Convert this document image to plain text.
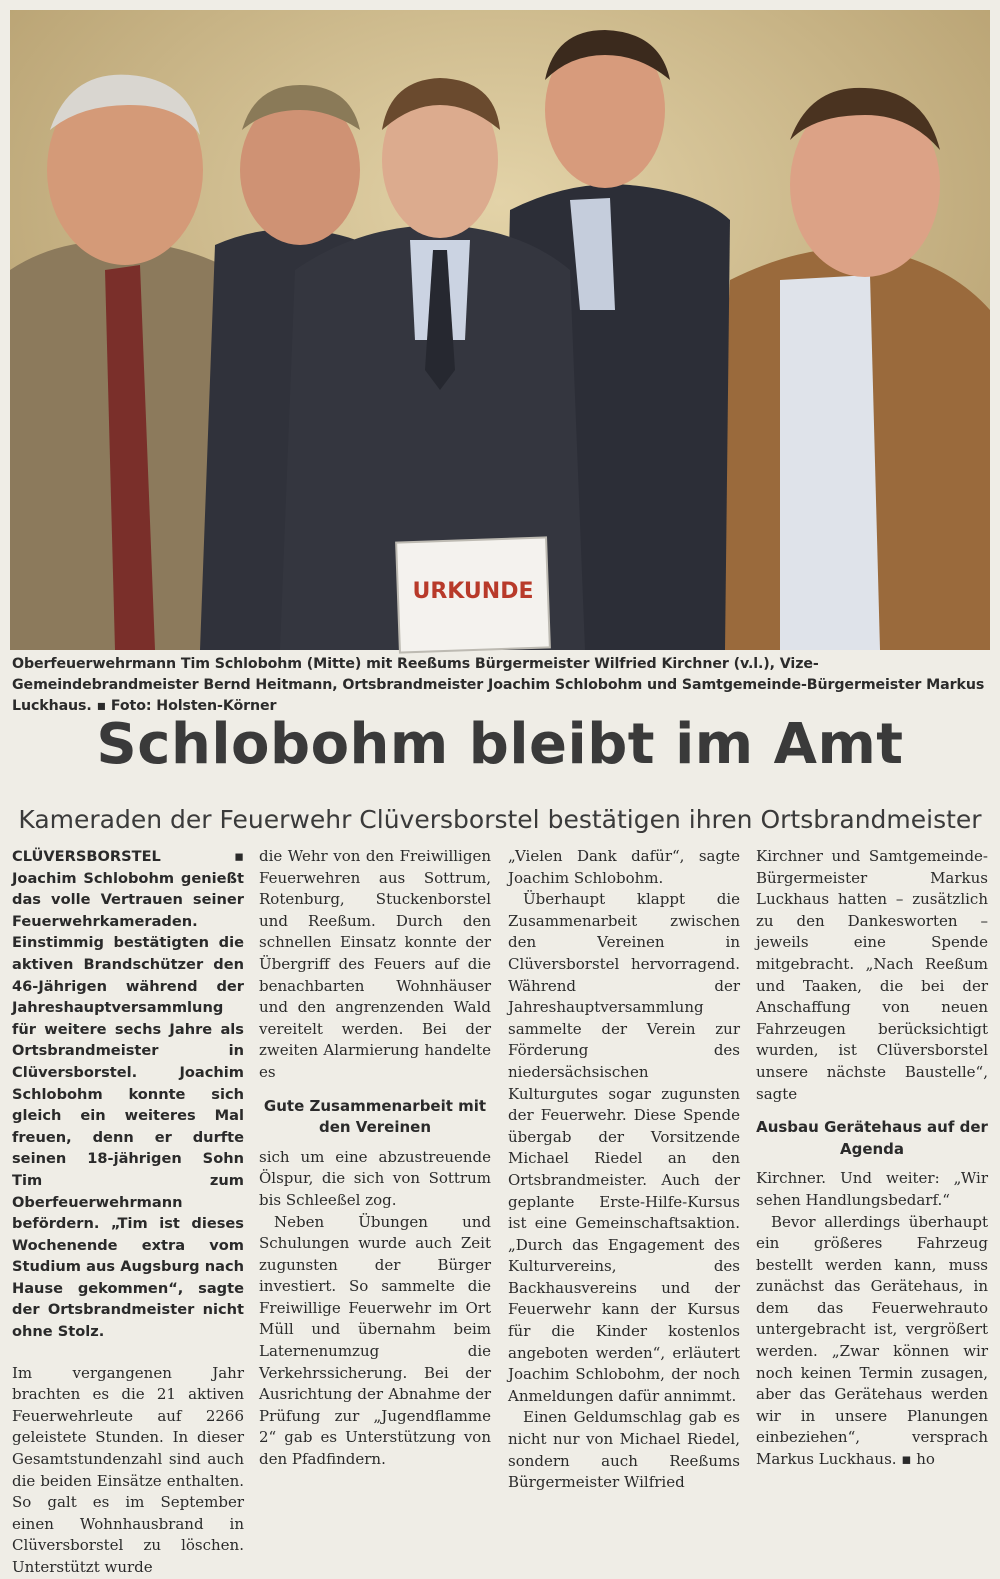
URKUNDE
Oberfeuerwehrmann Tim Schlobohm (Mitte) mit Reeßums Bürgermeister Wilfried Kirchner (v.l.), Vize-Gemeindebrandmeister Bernd Heitmann, Ortsbrandmeister Joachim Schlobohm und Samtgemeinde-Bürgermeister Markus Luckhaus. ▪ Foto: Holsten-Körner
Schlobohm bleibt im Amt
Kameraden der Feuerwehr Clüversborstel bestätigen ihren Ortsbrandmeister

CLÜVERSBORSTEL ▪ Joachim Schlobohm genießt das volle Vertrauen seiner Feuerwehrkameraden. Einstimmig bestätigten die aktiven Brandschützer den 46-Jährigen während der Jahreshauptversammlung für weitere sechs Jahre als Ortsbrandmeister in Clüversborstel. Joachim Schlobohm konnte sich gleich ein weiteres Mal freuen, denn er durfte seinen 18-jährigen Sohn Tim zum Oberfeuerwehrmann befördern. „Tim ist dieses Wochenende extra vom Studium aus Augsburg nach Hause gekommen“, sagte der Ortsbrandmeister nicht ohne Stolz.

Im vergangenen Jahr brachten es die 21 aktiven Feuerwehrleute auf 2266 geleistete Stunden. In dieser Gesamtstundenzahl sind auch die beiden Einsätze enthalten. So galt es im September einen Wohnhausbrand in Clüversborstel zu löschen. Unterstützt wurde

die Wehr von den Freiwilligen Feuerwehren aus Sottrum, Rotenburg, Stuckenborstel und Reeßum. Durch den schnellen Einsatz konnte der Übergriff des Feuers auf die benachbarten Wohnhäuser und den angrenzenden Wald vereitelt werden. Bei der zweiten Alarmierung handelte es

Gute Zusammenarbeit mit den Vereinen

sich um eine abzustreuende Ölspur, die sich von Sottrum bis Schleeßel zog.

Neben Übungen und Schulungen wurde auch Zeit zugunsten der Bürger investiert. So sammelte die Freiwillige Feuerwehr im Ort Müll und übernahm beim Laternenumzug die Verkehrssicherung. Bei der Ausrichtung der Abnahme der Prüfung zur „Jugendflamme 2“ gab es Unterstützung von den Pfadfindern.

„Vielen Dank dafür“, sagte Joachim Schlobohm.

Überhaupt klappt die Zusammenarbeit zwischen den Vereinen in Clüversborstel hervorragend. Während der Jahreshauptversammlung sammelte der Verein zur Förderung des niedersächsischen Kulturgutes sogar zugunsten der Feuerwehr. Diese Spende übergab der Vorsitzende Michael Riedel an den Ortsbrandmeister. Auch der geplante Erste-Hilfe-Kursus ist eine Gemeinschaftsaktion. „Durch das Engagement des Kulturvereins, des Backhausvereins und der Feuerwehr kann der Kursus für die Kinder kostenlos angeboten werden“, erläutert Joachim Schlobohm, der noch Anmeldungen dafür annimmt.

Einen Geldumschlag gab es nicht nur von Michael Riedel, sondern auch Reeßums Bürgermeister Wilfried

Kirchner und Samtgemeinde-Bürgermeister Markus Luckhaus hatten – zusätzlich zu den Dankesworten – jeweils eine Spende mitgebracht. „Nach Reeßum und Taaken, die bei der Anschaffung von neuen Fahrzeugen berücksichtigt wurden, ist Clüversborstel unsere nächste Baustelle“, sagte

Ausbau Gerätehaus auf der Agenda

Kirchner. Und weiter: „Wir sehen Handlungsbedarf.“

Bevor allerdings überhaupt ein größeres Fahrzeug bestellt werden kann, muss zunächst das Gerätehaus, in dem das Feuerwehrauto untergebracht ist, vergrößert werden. „Zwar können wir noch keinen Termin zusagen, aber das Gerätehaus werden wir in unsere Planungen einbeziehen“, versprach Markus Luckhaus. ▪ ho
